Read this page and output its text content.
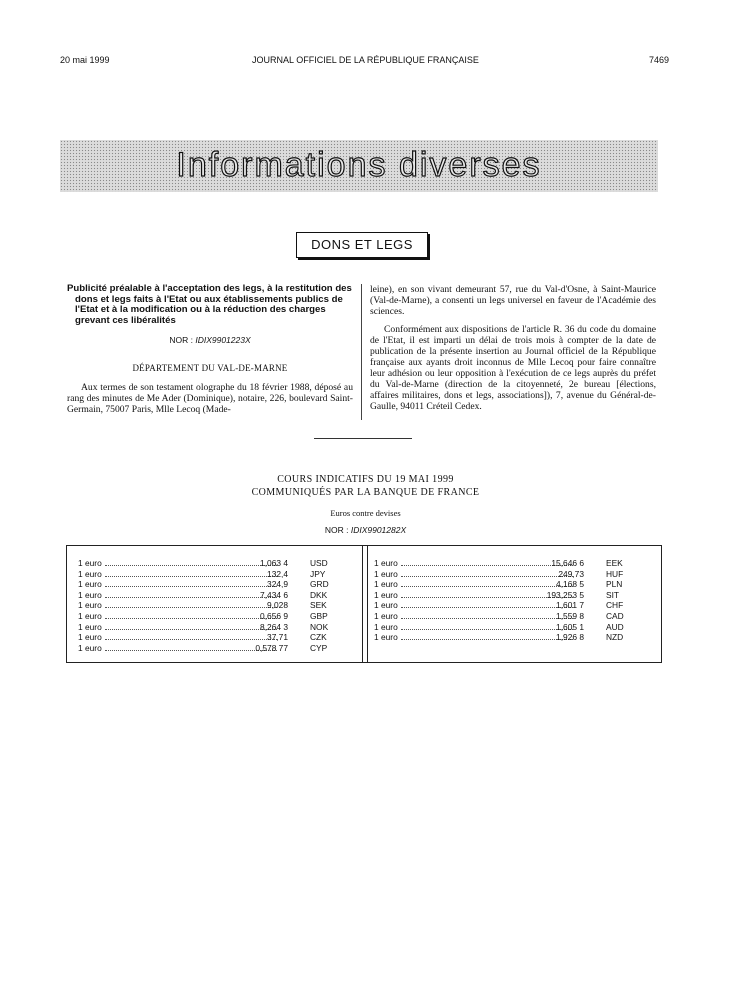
20 mai 1999	JOURNAL OFFICIEL DE LA RÉPUBLIQUE FRANÇAISE	7469
Informations diverses
DONS ET LEGS
Publicité préalable à l'acceptation des legs, à la restitution des dons et legs faits à l'Etat ou aux établissements publics de l'Etat et à la modification ou à la réduction des charges grevant ces libéralités
NOR : IDIX9901223X
DÉPARTEMENT DU VAL-DE-MARNE

Aux termes de son testament olographe du 18 février 1988, déposé au rang des minutes de Me Ader (Dominique), notaire, 226, boulevard Saint-Germain, 75007 Paris, Mlle Lecoq (Made-

leine), en son vivant demeurant 57, rue du Val-d'Osne, à Saint-Maurice (Val-de-Marne), a consenti un legs universel en faveur de l'Académie des sciences.

Conformément aux dispositions de l'article R. 36 du code du domaine de l'Etat, il est imparti un délai de trois mois à compter de la date de publication de la présente insertion au Journal officiel de la République française aux ayants droit inconnus de Mlle Lecoq pour faire connaître leur adhésion ou leur opposition à l'exécution de ce legs auprès du préfet du Val-de-Marne (direction de la citoyenneté, 2e bureau [élections, affaires militaires, dons et legs, associations]), 7, avenue du Général-de-Gaulle, 94011 Créteil Cedex.

COURS INDICATIFS DU 19 MAI 1999
COMMUNIQUÉS PAR LA BANQUE DE FRANCE
Euros contre devises
NOR : IDIX9901282X
1 euro	1,063 4	USD
1 euro	132,4	JPY
1 euro	324,9	GRD
1 euro	7,434 6	DKK
1 euro	9,028	SEK
1 euro	0,656 9	GBP
1 euro	8,264 3	NOK
1 euro	37,71	CZK
1 euro	0,578 77	CYP
1 euro	15,646 6	EEK
1 euro	249,73	HUF
1 euro	4,168 5	PLN
1 euro	193,253 5	SIT
1 euro	1,601 7	CHF
1 euro	1,559 8	CAD
1 euro	1,605 1	AUD
1 euro	1,926 8	NZD
